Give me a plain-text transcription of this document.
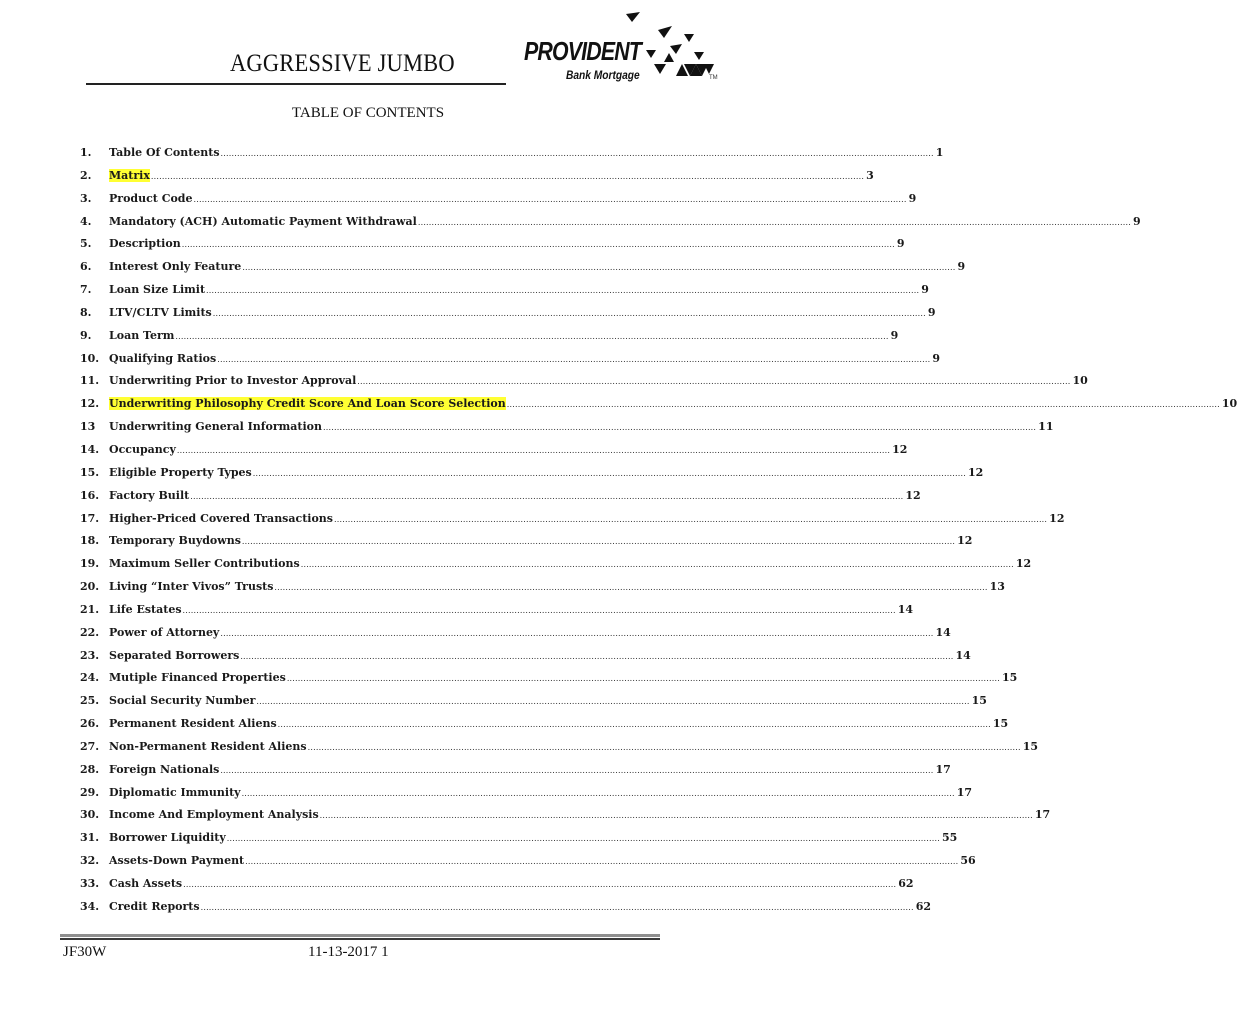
AGGRESSIVE JUMBO	PROVIDENT
Bank Mortgage	TM
TABLE OF CONTENTS
1.	Table Of Contents .................................................................................................................................................................................................................................................................... 1
2.	Matrix .................................................................................................................................................................................................................................................................... 3
3.	Product Code .................................................................................................................................................................................................................................................................... 9
4.	Mandatory (ACH) Automatic Payment Withdrawal .................................................................................................................................................................................................................................................................... 9
5.	Description .................................................................................................................................................................................................................................................................... 9
6.	Interest Only Feature .................................................................................................................................................................................................................................................................... 9
7.	Loan Size Limit .................................................................................................................................................................................................................................................................... 9
8.	LTV/CLTV Limits .................................................................................................................................................................................................................................................................... 9
9.	Loan Term .................................................................................................................................................................................................................................................................... 9
10. Qualifying Ratios .................................................................................................................................................................................................................................................................... 9
11. Underwriting Prior to Investor Approval .................................................................................................................................................................................................................................................................... 10
12. Underwriting Philosophy Credit Score And Loan Score Selection .................................................................................................................................................................................................................................................................... 10
13	Underwriting General Information .................................................................................................................................................................................................................................................................... 11
14. Occupancy .................................................................................................................................................................................................................................................................... 12
15. Eligible Property Types .................................................................................................................................................................................................................................................................... 12
16. Factory Built .................................................................................................................................................................................................................................................................... 12
17. Higher-Priced Covered Transactions .................................................................................................................................................................................................................................................................... 12
18. Temporary Buydowns .................................................................................................................................................................................................................................................................... 12
19. Maximum Seller Contributions .................................................................................................................................................................................................................................................................... 12
20. Living “Inter Vivos” Trusts .................................................................................................................................................................................................................................................................... 13
21. Life Estates .................................................................................................................................................................................................................................................................... 14
22. Power of Attorney .................................................................................................................................................................................................................................................................... 14
23. Separated Borrowers .................................................................................................................................................................................................................................................................... 14
24. Mutiple Financed Properties .................................................................................................................................................................................................................................................................... 15
25. Social Security Number .................................................................................................................................................................................................................................................................... 15
26. Permanent Resident Aliens .................................................................................................................................................................................................................................................................... 15
27. Non-Permanent Resident Aliens .................................................................................................................................................................................................................................................................... 15
28. Foreign Nationals .................................................................................................................................................................................................................................................................... 17
29. Diplomatic Immunity .................................................................................................................................................................................................................................................................... 17
30. Income And Employment Analysis .................................................................................................................................................................................................................................................................... 17
31. Borrower Liquidity .................................................................................................................................................................................................................................................................... 55
32. Assets-Down Payment .................................................................................................................................................................................................................................................................... 56
33. Cash Assets .................................................................................................................................................................................................................................................................... 62
34. Credit Reports .................................................................................................................................................................................................................................................................... 62
JF30W	11-13-2017 1
